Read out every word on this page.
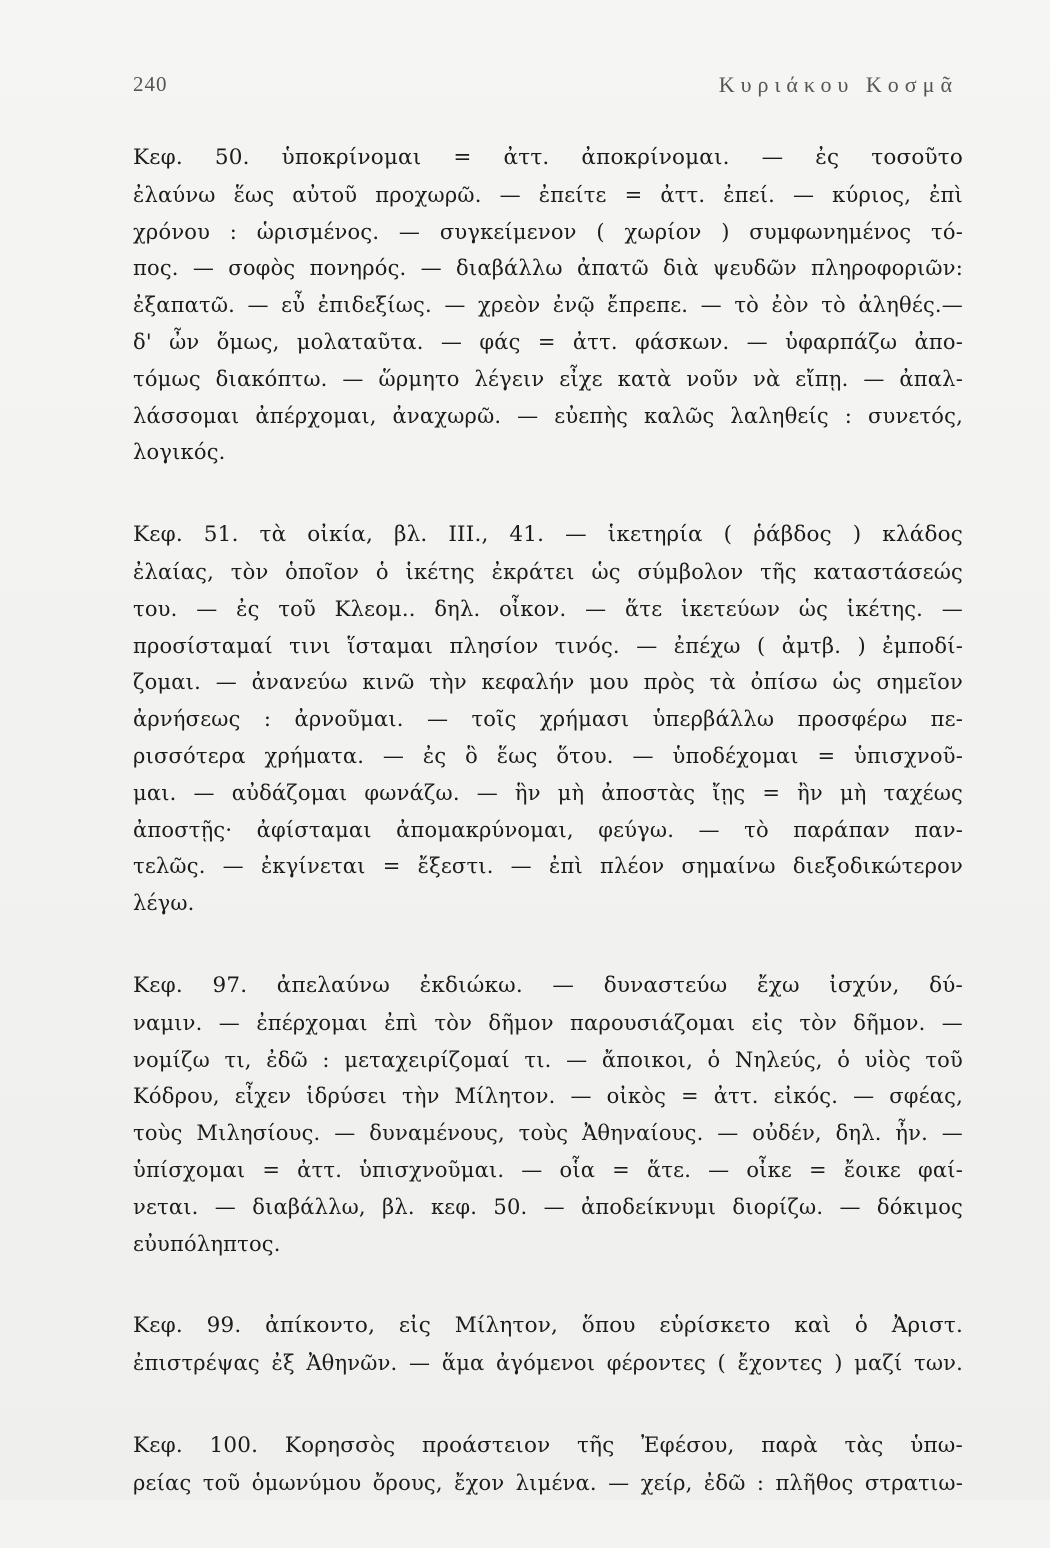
240	Κυριάκου Κοσμᾶ
Κεφ. 50. ὑποκρίνομαι = ἀττ. ἀποκρίνομαι. — ἐς τοσοῦτο
ἐλαύνω ἕως αὐτοῦ προχωρῶ. — ἐπείτε = ἀττ. ἐπεί. — κύριος, ἐπὶ
χρόνου : ὡρισμένος. — συγκείμενον ( χωρίον ) συμφωνημένος τό-
πος. — σοφὸς πονηρός. — διαβάλλω ἀπατῶ διὰ ψευδῶν πληροφοριῶν:
ἐξαπατῶ. — εὖ ἐπιδεξίως. — χρεὸν ἐνῷ ἔπρεπε. — τὸ ἐὸν τὸ ἀληθές.—
δ' ὦν ὅμως, μολαταῦτα. — φάς = ἀττ. φάσκων. — ὑφαρπάζω ἀπο-
τόμως διακόπτω. — ὥρμητο λέγειν εἶχε κατὰ νοῦν νὰ εἴπῃ. — ἀπαλ-
λάσσομαι ἀπέρχομαι, ἀναχωρῶ. — εὐεπὴς καλῶς λαληθείς : συνετός,
λογικός.
Κεφ. 51. τὰ οἰκία, βλ. ΙΙΙ., 41. — ἱκετηρία ( ῥάβδος ) κλάδος
ἐλαίας, τὸν ὁποῖον ὁ ἱκέτης ἐκράτει ὡς σύμβολον τῆς καταστάσεώς
του. — ἐς τοῦ Κλεομ.. δηλ. οἶκον. — ἅτε ἱκετεύων ὡς ἱκέτης. —
προσίσταμαί τινι ἵσταμαι πλησίον τινός. — ἐπέχω ( ἀμτβ. ) ἐμποδί-
ζομαι. — ἀνανεύω κινῶ τὴν κεφαλήν μου πρὸς τὰ ὀπίσω ὡς σημεῖον
ἀρνήσεως : ἀρνοῦμαι. — τοῖς χρήμασι ὑπερβάλλω προσφέρω πε-
ρισσότερα χρήματα. — ἐς ὃ ἕως ὅτου. — ὑποδέχομαι = ὑπισχνοῦ-
μαι. — αὐδάζομαι φωνάζω. — ἣν μὴ ἀποστὰς ἴῃς = ἢν μὴ ταχέως
ἀποστῇς· ἀφίσταμαι ἀπομακρύνομαι, φεύγω. — τὸ παράπαν παν-
τελῶς. — ἐκγίνεται = ἔξεστι. — ἐπὶ πλέον σημαίνω διεξοδικώτερον
λέγω.
Κεφ. 97. ἀπελαύνω ἐκδιώκω. — δυναστεύω ἔχω ἰσχύν, δύ-
ναμιν. — ἐπέρχομαι ἐπὶ τὸν δῆμον παρουσιάζομαι εἰς τὸν δῆμον. —
νομίζω τι, ἐδῶ : μεταχειρίζομαί τι. — ἄποικοι, ὁ Νηλεύς, ὁ υἱὸς τοῦ
Κόδρου, εἶχεν ἱδρύσει τὴν Μίλητον. — οἰκὸς = ἀττ. εἰκός. — σφέας,
τοὺς Μιλησίους. — δυναμένους, τοὺς Ἀθηναίους. — οὐδέν, δηλ. ἦν. —
ὑπίσχομαι = ἀττ. ὑπισχνοῦμαι. — οἷα = ἅτε. — οἶκε = ἔοικε φαί-
νεται. — διαβάλλω, βλ. κεφ. 50. — ἀποδείκνυμι διορίζω. — δόκιμος
εὐυπόληπτος.
Κεφ. 99. ἀπίκοντο, εἰς Μίλητον, ὅπου εὑρίσκετο καὶ ὁ Ἀριστ.
ἐπιστρέψας ἐξ Ἀθηνῶν. — ἅμα ἀγόμενοι φέροντες ( ἔχοντες ) μαζί των.
Κεφ. 100. Κορησσὸς προάστειον τῆς Ἐφέσου, παρὰ τὰς ὑπω-
ρείας τοῦ ὁμωνύμου ὄρους, ἔχον λιμένα. — χείρ, ἐδῶ : πλῆθος στρατιω-
